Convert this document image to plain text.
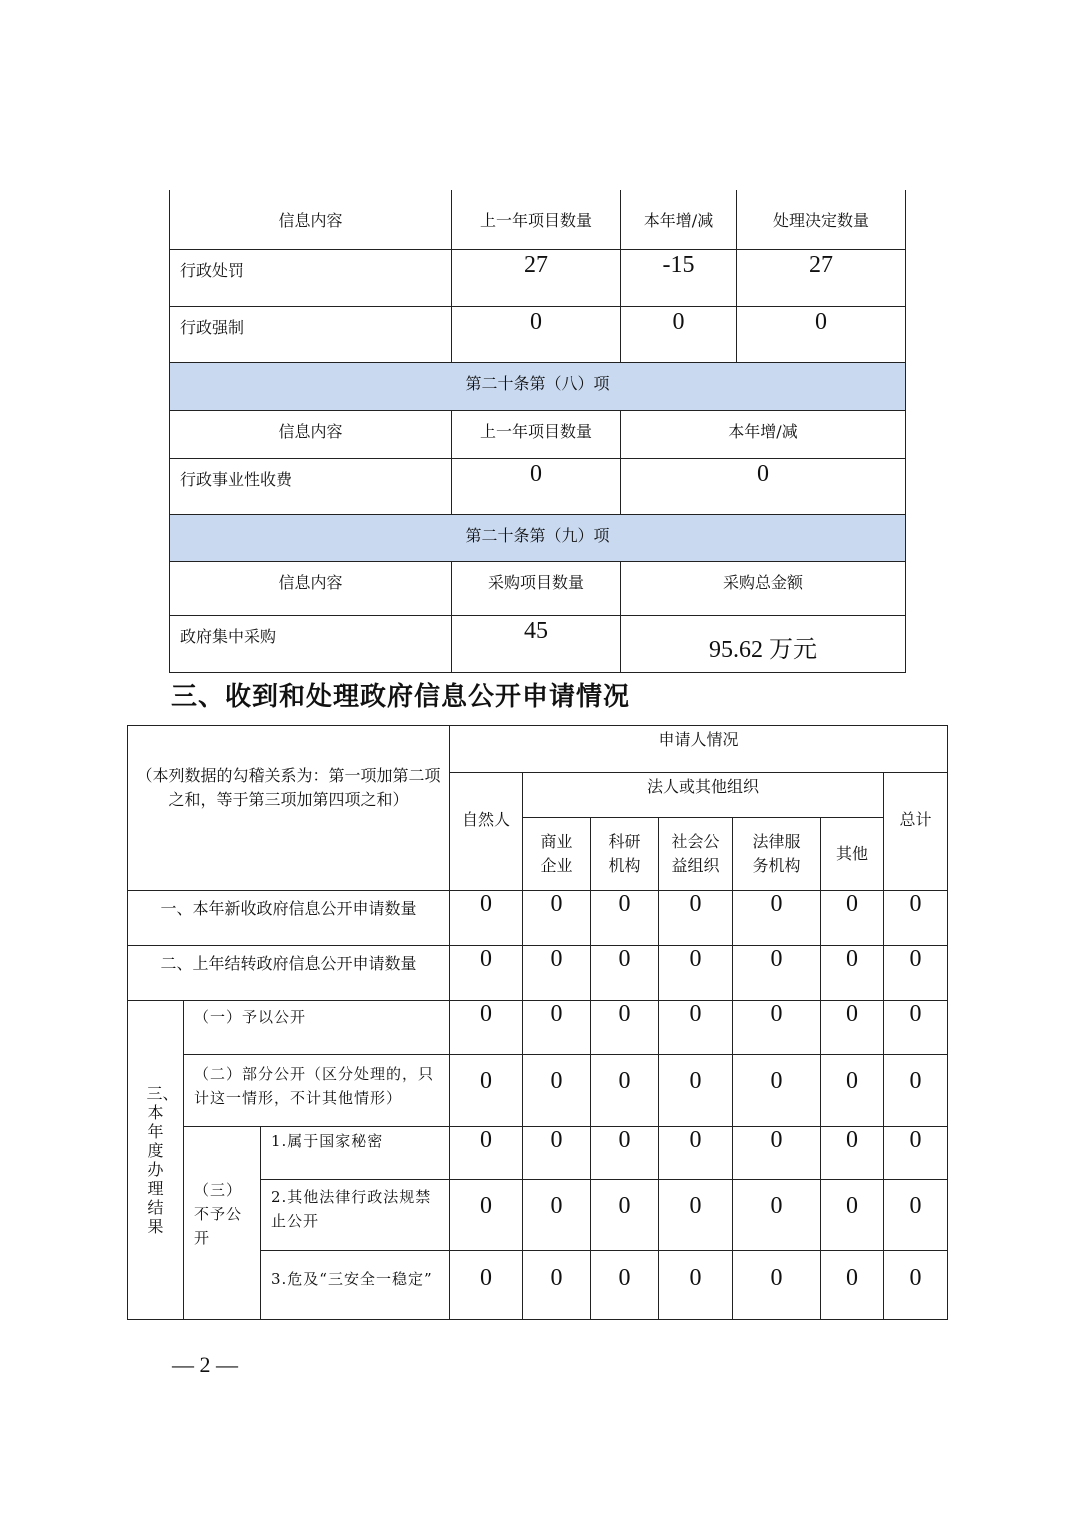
信息内容	上一年项目数量	本年增/减	处理决定数量
行政处罚	27	-15	27
行政强制	0	0	0
第二十条第（八）项			
信息内容	上一年项目数量	本年增/减	
行政事业性收费	0	0	
第二十条第（九）项			
信息内容	采购项目数量	采购总金额	
政府集中采购	45	95.62 万元	
三、收到和处理政府信息公开申请情况
（本列数据的勾稽关系为：第一项加第二项之和，等于第三项加第四项之和）			申请人情况						
			自然人	法人或其他组织					总计
				商业企业	科研机构	社会公益组织	法律服务机构	其他	
一、本年新收政府信息公开申请数量			0	0	0	0	0	0	0
二、上年结转政府信息公开申请数量			0	0	0	0	0	0	0
三、本年度办理结果	（一）予以公开		0	0	0	0	0	0	0
	（二）部分公开（区分处理的，只计这一情形，不计其他情形）		0	0	0	0	0	0	0
	（三）不予公开	1.属于国家秘密	0	0	0	0	0	0	0
		2.其他法律行政法规禁止公开	0	0	0	0	0	0	0
		3.危及“三安全一稳定”	0	0	0	0	0	0	0
— 2 —
